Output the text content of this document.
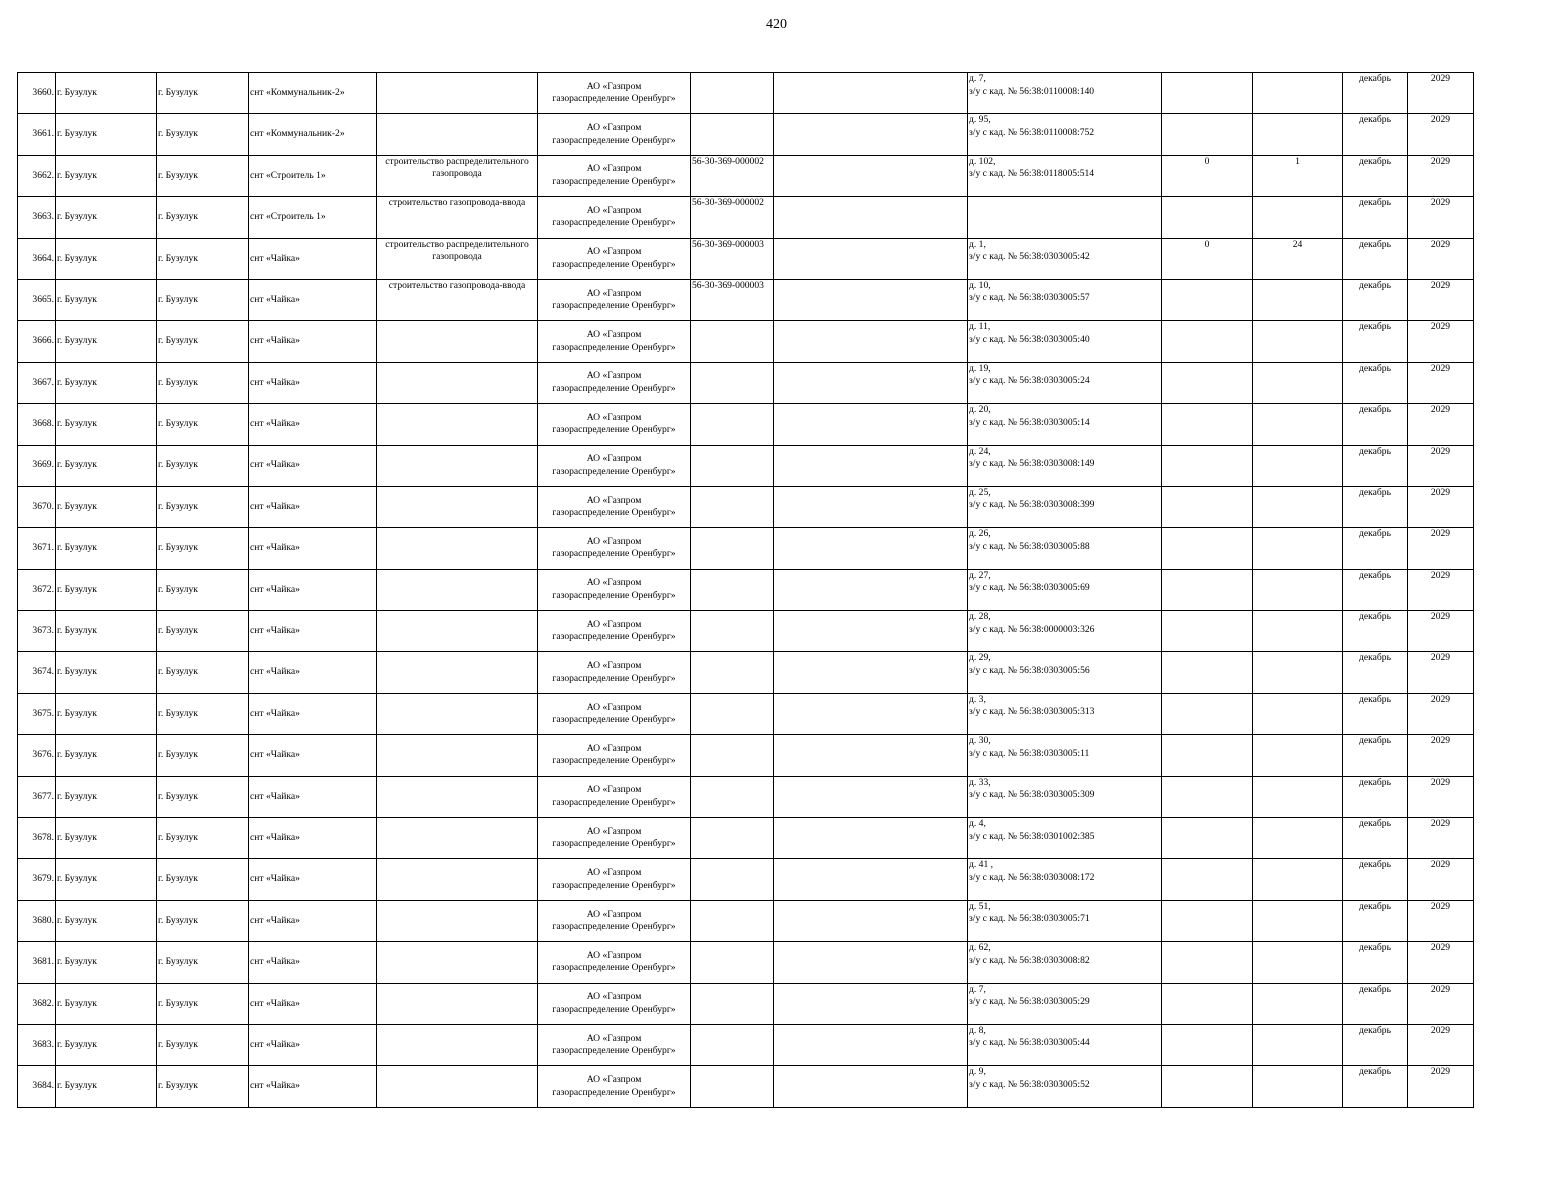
420
3660.	г. Бузулук	г. Бузулук	снт «Коммунальник-2»		АО «Газпром
газораспределение Оренбург»			д. 7,
з/у с кад. № 56:38:0110008:140			декабрь	2029
3661.	г. Бузулук	г. Бузулук	снт «Коммунальник-2»		АО «Газпром
газораспределение Оренбург»			д. 95,
з/у с кад. № 56:38:0110008:752			декабрь	2029
3662.	г. Бузулук	г. Бузулук	снт «Строитель 1»	строительство распределительного газопровода	АО «Газпром
газораспределение Оренбург»	56-30-369-000002		д. 102,
з/у с кад. № 56:38:0118005:514	0	1	декабрь	2029
3663.	г. Бузулук	г. Бузулук	снт «Строитель 1»	строительство газопровода-ввода	АО «Газпром
газораспределение Оренбург»	56-30-369-000002					декабрь	2029
3664.	г. Бузулук	г. Бузулук	снт «Чайка»	строительство распределительного газопровода	АО «Газпром
газораспределение Оренбург»	56-30-369-000003		д. 1,
з/у с кад. № 56:38:0303005:42	0	24	декабрь	2029
3665.	г. Бузулук	г. Бузулук	снт «Чайка»	строительство газопровода-ввода	АО «Газпром
газораспределение Оренбург»	56-30-369-000003		д. 10,
з/у с кад. № 56:38:0303005:57			декабрь	2029
3666.	г. Бузулук	г. Бузулук	снт «Чайка»		АО «Газпром
газораспределение Оренбург»			д. 11,
з/у с кад. № 56:38:0303005:40			декабрь	2029
3667.	г. Бузулук	г. Бузулук	снт «Чайка»		АО «Газпром
газораспределение Оренбург»			д. 19,
з/у с кад. № 56:38:0303005:24			декабрь	2029
3668.	г. Бузулук	г. Бузулук	снт «Чайка»		АО «Газпром
газораспределение Оренбург»			д. 20,
з/у с кад. № 56:38:0303005:14			декабрь	2029
3669.	г. Бузулук	г. Бузулук	снт «Чайка»		АО «Газпром
газораспределение Оренбург»			д. 24,
з/у с кад. № 56:38:0303008:149			декабрь	2029
3670.	г. Бузулук	г. Бузулук	снт «Чайка»		АО «Газпром
газораспределение Оренбург»			д. 25,
з/у с кад. № 56:38:0303008:399			декабрь	2029
3671.	г. Бузулук	г. Бузулук	снт «Чайка»		АО «Газпром
газораспределение Оренбург»			д. 26,
з/у с кад. № 56:38:0303005:88			декабрь	2029
3672.	г. Бузулук	г. Бузулук	снт «Чайка»		АО «Газпром
газораспределение Оренбург»			д. 27,
з/у с кад. № 56:38:0303005:69			декабрь	2029
3673.	г. Бузулук	г. Бузулук	снт «Чайка»		АО «Газпром
газораспределение Оренбург»			д. 28,
з/у с кад. № 56:38:0000003:326			декабрь	2029
3674.	г. Бузулук	г. Бузулук	снт «Чайка»		АО «Газпром
газораспределение Оренбург»			д. 29,
з/у с кад. № 56:38:0303005:56			декабрь	2029
3675.	г. Бузулук	г. Бузулук	снт «Чайка»		АО «Газпром
газораспределение Оренбург»			д. 3,
з/у с кад. № 56:38:0303005:313			декабрь	2029
3676.	г. Бузулук	г. Бузулук	снт «Чайка»		АО «Газпром
газораспределение Оренбург»			д. 30,
з/у с кад. № 56:38:0303005:11			декабрь	2029
3677.	г. Бузулук	г. Бузулук	снт «Чайка»		АО «Газпром
газораспределение Оренбург»			д. 33,
з/у с кад. № 56:38:0303005:309			декабрь	2029
3678.	г. Бузулук	г. Бузулук	снт «Чайка»		АО «Газпром
газораспределение Оренбург»			д. 4,
з/у с кад. № 56:38:0301002:385			декабрь	2029
3679.	г. Бузулук	г. Бузулук	снт «Чайка»		АО «Газпром
газораспределение Оренбург»			д. 41 ,
з/у с кад. № 56:38:0303008:172			декабрь	2029
3680.	г. Бузулук	г. Бузулук	снт «Чайка»		АО «Газпром
газораспределение Оренбург»			д. 51,
з/у с кад. № 56:38:0303005:71			декабрь	2029
3681.	г. Бузулук	г. Бузулук	снт «Чайка»		АО «Газпром
газораспределение Оренбург»			д. 62,
з/у с кад. № 56:38:0303008:82			декабрь	2029
3682.	г. Бузулук	г. Бузулук	снт «Чайка»		АО «Газпром
газораспределение Оренбург»			д. 7,
з/у с кад. № 56:38:0303005:29			декабрь	2029
3683.	г. Бузулук	г. Бузулук	снт «Чайка»		АО «Газпром
газораспределение Оренбург»			д. 8,
з/у с кад. № 56:38:0303005:44			декабрь	2029
3684.	г. Бузулук	г. Бузулук	снт «Чайка»		АО «Газпром
газораспределение Оренбург»			д. 9,
з/у с кад. № 56:38:0303005:52			декабрь	2029
